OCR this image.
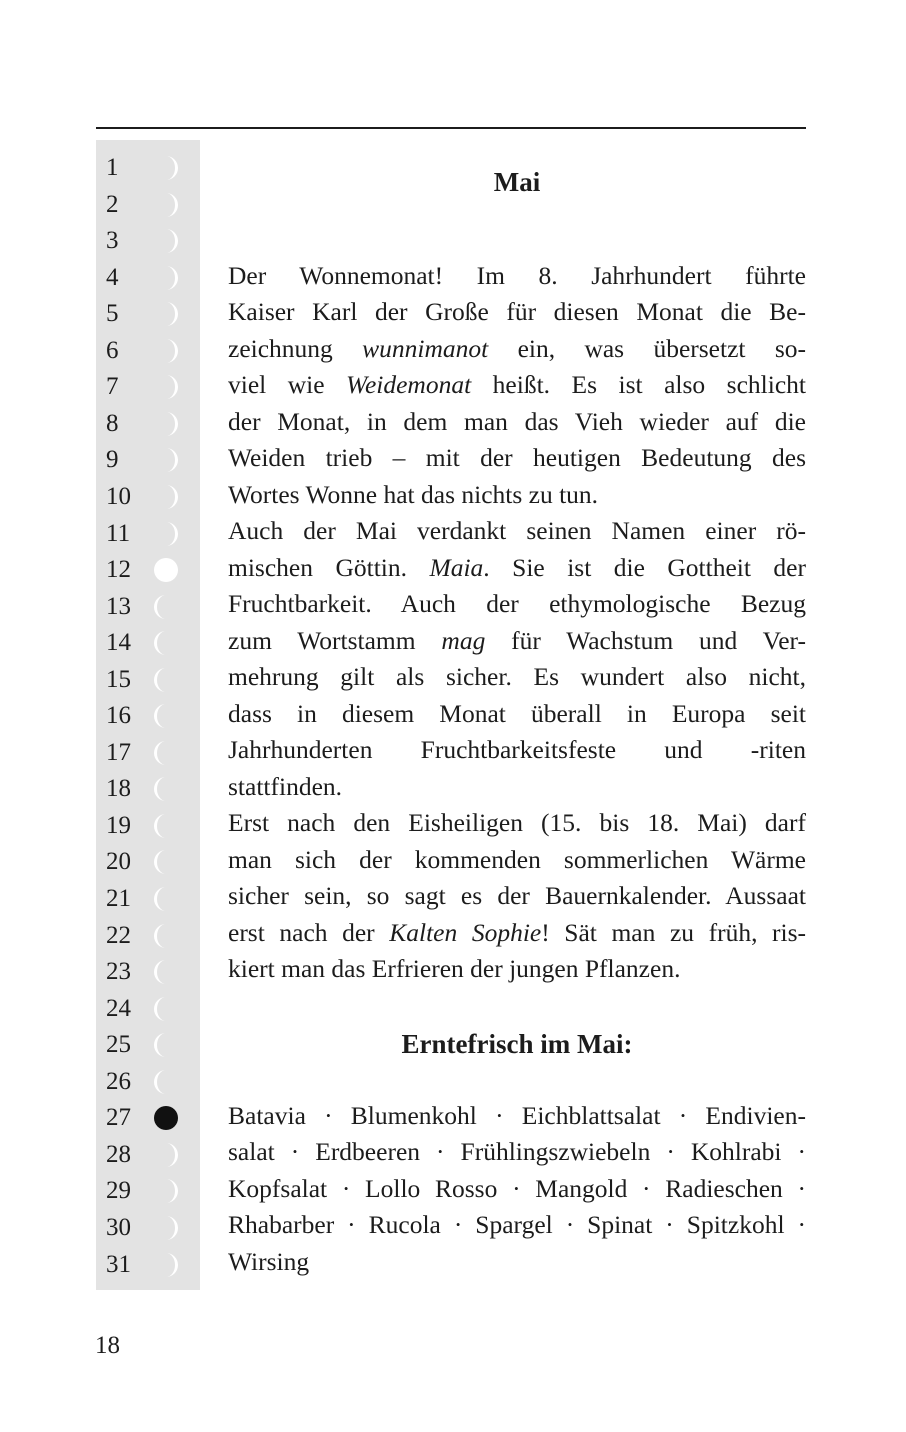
1
2
3
4
5
6
7
8
9
10
11
12
13
14
15
16
17
18
19
20
21
22
23
24
25
26
27
28
29
30
31
Mai
Der Wonnemonat! Im 8. Jahrhundert führte
Kaiser Karl der Große für diesen Monat die Be-
zeichnung wunnimanot ein, was übersetzt so-
viel wie Weidemonat heißt. Es ist also schlicht
der Monat, in dem man das Vieh wieder auf die
Weiden trieb – mit der heutigen Bedeutung des
Wortes Wonne hat das nichts zu tun.
Auch der Mai verdankt seinen Namen einer rö-
mischen Göttin. Maia. Sie ist die Gottheit der
Fruchtbarkeit. Auch der ethymologische Bezug
zum Wortstamm mag für Wachstum und Ver-
mehrung gilt als sicher. Es wundert also nicht,
dass in diesem Monat überall in Europa seit
Jahrhunderten Fruchtbarkeitsfeste und -riten
stattfinden.
Erst nach den Eisheiligen (15. bis 18. Mai) darf
man sich der kommenden sommerlichen Wärme
sicher sein, so sagt es der Bauernkalender. Aussaat
erst nach der Kalten Sophie! Sät man zu früh, ris-
kiert man das Erfrieren der jungen Pflanzen.
Erntefrisch im Mai:
Batavia · Blumenkohl · Eichblattsalat · Endivien-
salat · Erdbeeren · Frühlingszwiebeln · Kohlrabi ·
Kopfsalat · Lollo Rosso · Mangold · Radieschen ·
Rhabarber · Rucola · Spargel · Spinat · Spitzkohl ·
Wirsing
18
